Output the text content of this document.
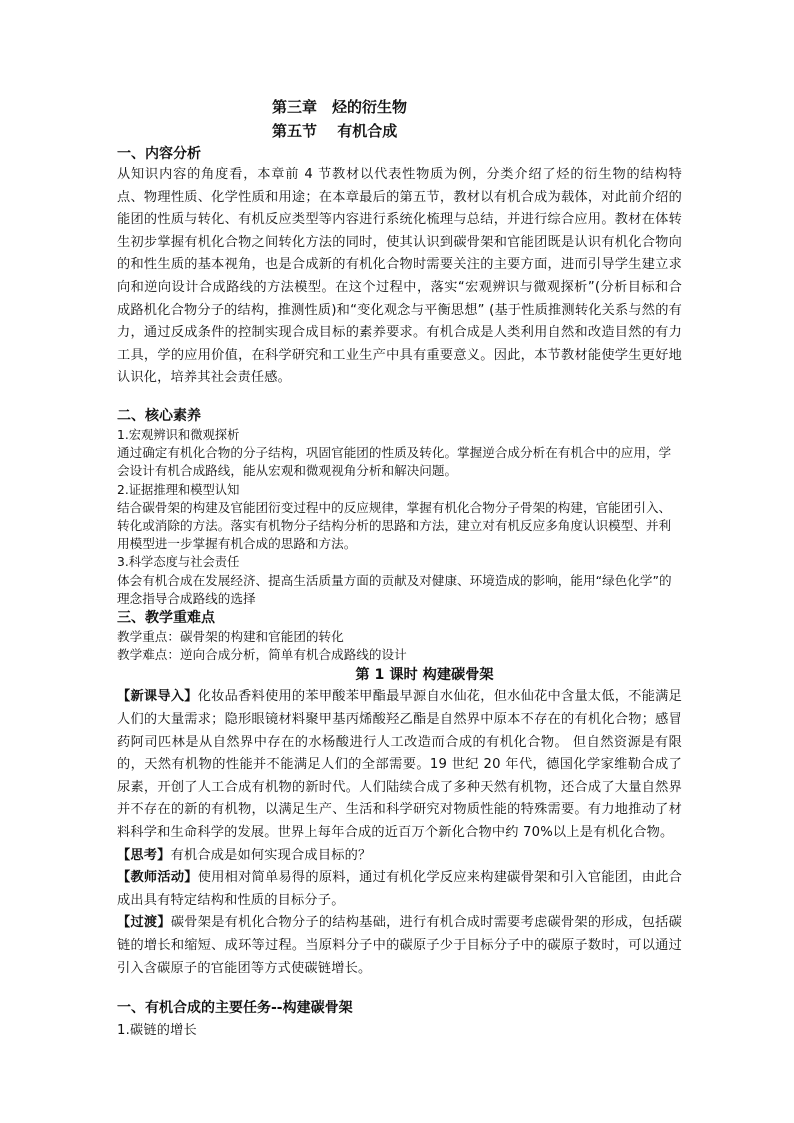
第三章　烃的衍生物
第五节　 有机合成
一、内容分析
从知识内容的角度看，本章前 4 节教材以代表性物质为例，分类介绍了烃的衍生物的结构特点、物理性质、化学性质和用途；在本章最后的第五节，教材以有机合成为载体，对此前介绍的能团的性质与转化、有机反应类型等内容进行系统化梳理与总结，并进行综合应用。教材在体转生初步掌握有机化合物之间转化方法的同时，使其认识到碳骨架和官能团既是认识有机化合物向的和性生质的基本视角，也是合成新的有机化合物时需要关注的主要方面，进而引导学生建立求向和逆向设计合成路线的方法模型。在这个过程中，落实“宏观辨识与微观探析”(分析目标和合成路机化合物分子的结构，推测性质)和“变化观念与平衡思想” (基于性质推测转化关系与然的有力，通过反成条件的控制实现合成目标的素养要求。有机合成是人类利用自然和改造目然的有力工具，学的应用价值，在科学研究和工业生产中具有重要意义。因此，本节教材能使学生更好地认识化，培养其社会责任感。
二、核心素养
1.宏观辨识和微观探析
通过确定有机化合物的分子结构，巩固官能团的性质及转化。掌握逆合成分析在有机合中的应用，学会设计有机合成路线，能从宏观和微观视角分析和解决问题。
2.证据推理和模型认知
结合碳骨架的构建及官能团衍变过程中的反应规律，掌握有机化合物分子骨架的构建，官能团引入、转化或消除的方法。落实有机物分子结构分析的思路和方法，建立对有机反应多角度认识模型、并利用模型进一步掌握有机合成的思路和方法。
3.科学态度与社会责任
体会有机合成在发展经济、提高生活质量方面的贡献及对健康、环境造成的影响，能用“绿色化学”的理念指导合成路线的选择
三、教学重难点
教学重点：碳骨架的构建和官能团的转化
教学难点：逆向合成分析，简单有机合成路线的设计
第 1 课时 构建碳骨架
【新课导入】化妆品香料使用的苯甲酸苯甲酯最早源自水仙花，但水仙花中含量太低，不能满足人们的大量需求；隐形眼镜材料聚甲基丙烯酸羟乙酯是自然界中原本不存在的有机化合物；感冒药阿司匹林是从自然界中存在的水杨酸进行人工改造而合成的有机化合物。 但自然资源是有限的，天然有机物的性能并不能满足人们的全部需要。19 世纪 20 年代，德国化学家维勒合成了尿素，开创了人工合成有机物的新时代。人们陆续合成了多种天然有机物，还合成了大量自然界并不存在的新的有机物，以满足生产、生活和科学研究对物质性能的特殊需要。有力地推动了材料科学和生命科学的发展。世界上每年合成的近百万个新化合物中约 70%以上是有机化合物。
【思考】有机合成是如何实现合成目标的？
【教师活动】使用相对简单易得的原料，通过有机化学反应来构建碳骨架和引入官能团，由此合成出具有特定结构和性质的目标分子。
【过渡】碳骨架是有机化合物分子的结构基础，进行有机合成时需要考虑碳骨架的形成，包括碳链的增长和缩短、成环等过程。当原料分子中的碳原子少于目标分子中的碳原子数时，可以通过引入含碳原子的官能团等方式使碳链增长。
一、有机合成的主要任务--构建碳骨架
1.碳链的增长
